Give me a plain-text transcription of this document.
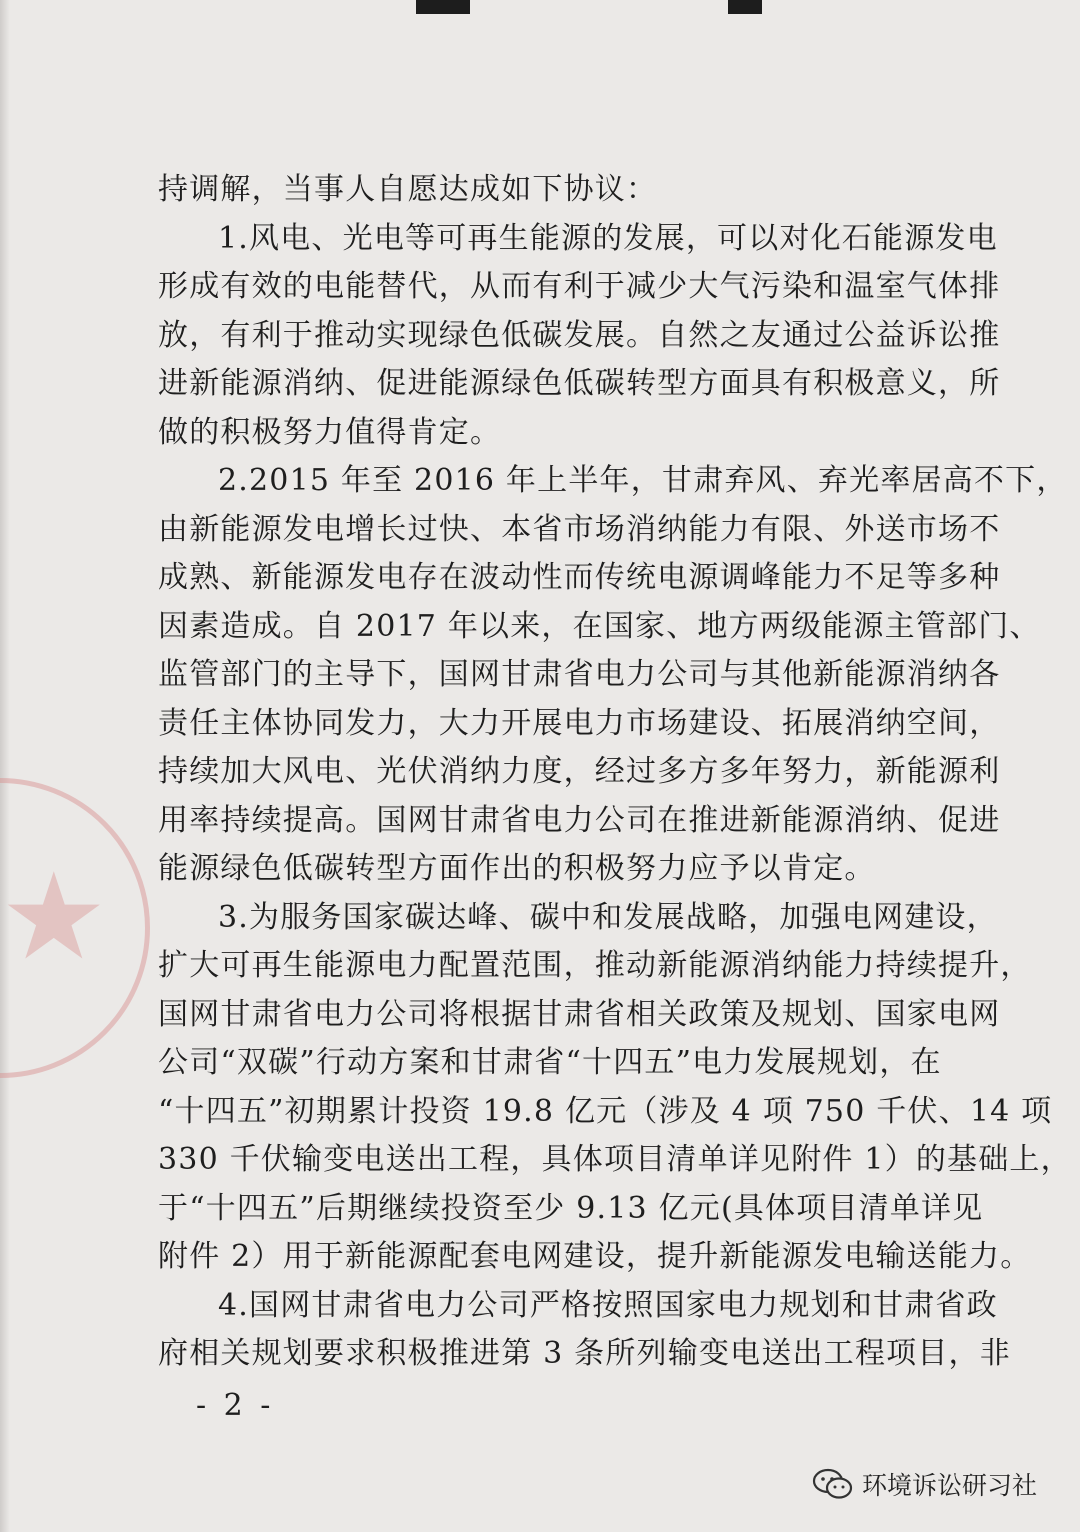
★

持调解，当事人自愿达成如下协议：

1.风电、光电等可再生能源的发展，可以对化石能源发电

形成有效的电能替代，从而有利于减少大气污染和温室气体排

放，有利于推动实现绿色低碳发展。自然之友通过公益诉讼推

进新能源消纳、促进能源绿色低碳转型方面具有积极意义，所

做的积极努力值得肯定。

2.2015 年至 2016 年上半年，甘肃弃风、弃光率居高不下，

由新能源发电增长过快、本省市场消纳能力有限、外送市场不

成熟、新能源发电存在波动性而传统电源调峰能力不足等多种

因素造成。自 2017 年以来，在国家、地方两级能源主管部门、

监管部门的主导下，国网甘肃省电力公司与其他新能源消纳各

责任主体协同发力，大力开展电力市场建设、拓展消纳空间，

持续加大风电、光伏消纳力度，经过多方多年努力，新能源利

用率持续提高。国网甘肃省电力公司在推进新能源消纳、促进

能源绿色低碳转型方面作出的积极努力应予以肯定。

3.为服务国家碳达峰、碳中和发展战略，加强电网建设，

扩大可再生能源电力配置范围，推动新能源消纳能力持续提升，

国网甘肃省电力公司将根据甘肃省相关政策及规划、国家电网

公司“双碳”行动方案和甘肃省“十四五”电力发展规划，在

“十四五”初期累计投资 19.8 亿元（涉及 4 项 750 千伏、14 项

330 千伏输变电送出工程，具体项目清单详见附件 1）的基础上，

于“十四五”后期继续投资至少 9.13 亿元(具体项目清单详见

附件 2）用于新能源配套电网建设，提升新能源发电输送能力。

4.国网甘肃省电力公司严格按照国家电力规划和甘肃省政

府相关规划要求积极推进第 3 条所列输变电送出工程项目，非

- 2 -
环境诉讼研习社
